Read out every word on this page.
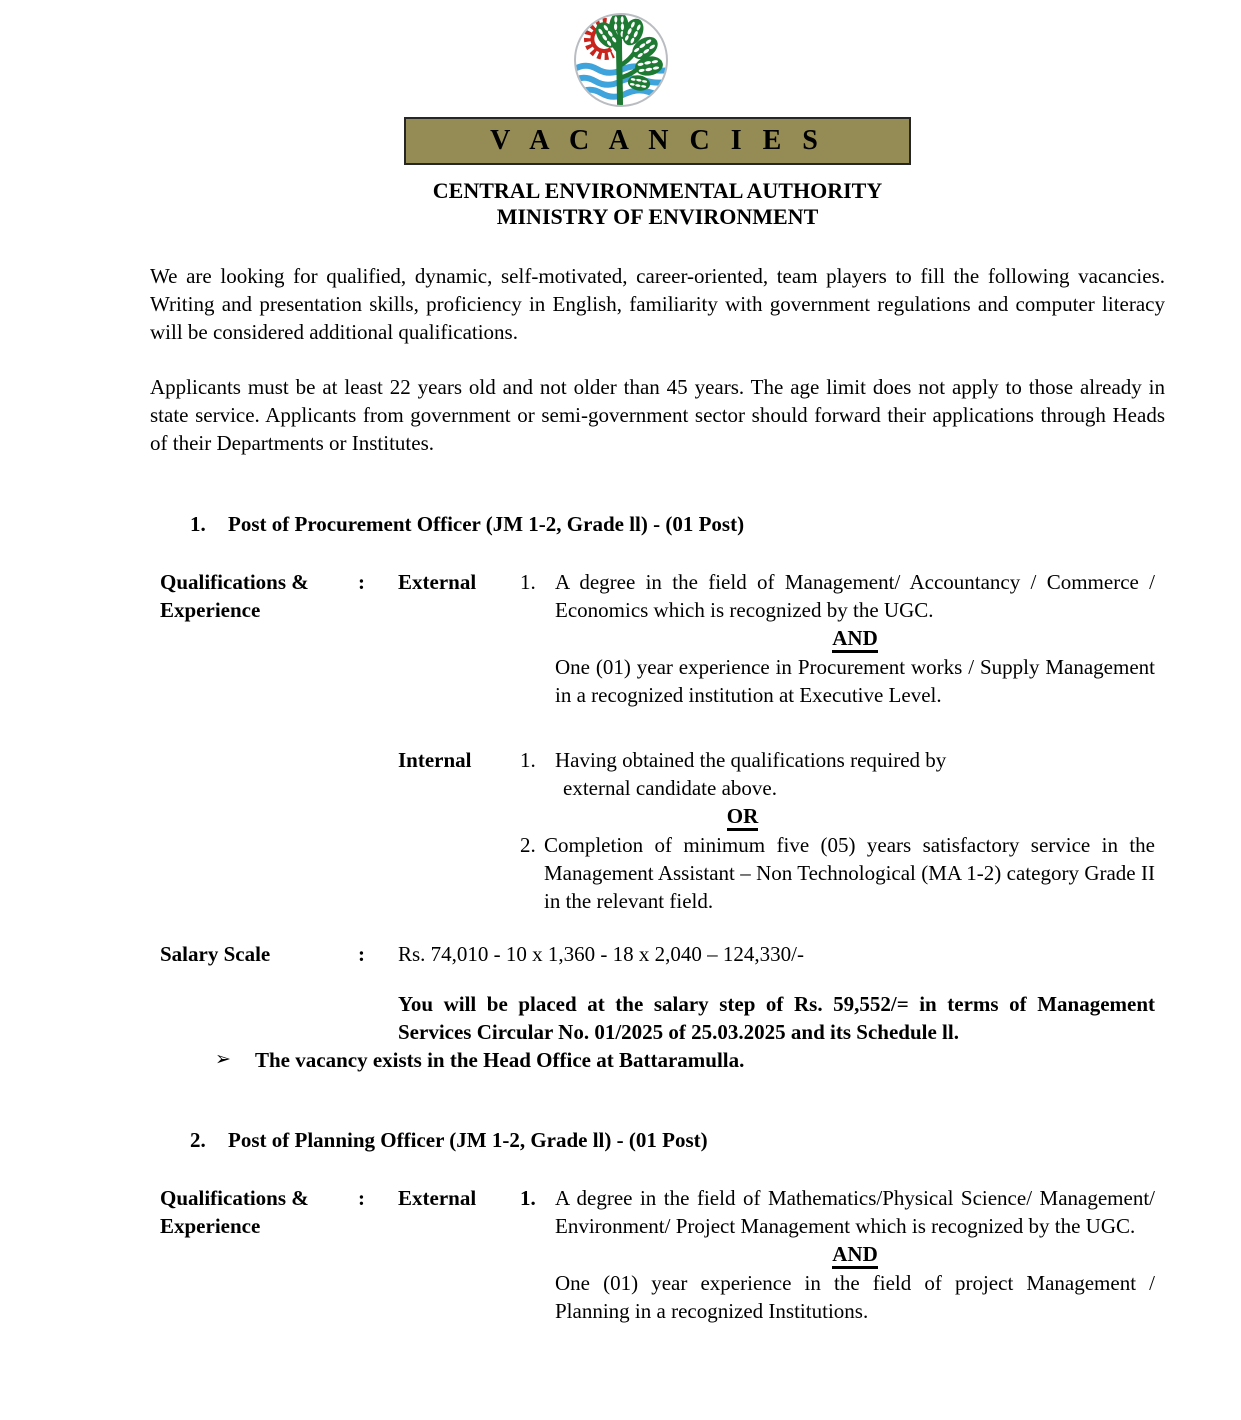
V A C A N C I E S
CENTRAL ENVIRONMENTAL AUTHORITY
MINISTRY OF ENVIRONMENT

We are looking for qualified, dynamic, self-motivated, career-oriented, team players to fill the following vacancies. Writing and presentation skills, proficiency in English, familiarity with government regulations and computer literacy will be considered additional qualifications.

Applicants must be at least 22 years old and not older than 45 years. The age limit does not apply to those already in state service. Applicants from government or semi-government sector should forward their applications through Heads of their Departments or Institutes.

1.	Post of Procurement Officer (JM 1-2, Grade ll) - (01 Post)
Qualifications &
Experience
:	External	1. A degree in the field of Management/ Accountancy / Commerce / Economics which is recognized by the UGC.
AND
One (01) year experience in Procurement works / Supply Management in a recognized institution at Executive Level.
Internal	1. Having obtained the qualifications required by
external candidate above.
OR
2. Completion of minimum five (05) years satisfactory service in the Management Assistant – Non Technological (MA 1-2) category Grade II in the relevant field.
Salary Scale	:	Rs. 74,010 - 10 x 1,360 - 18 x 2,040 – 124,330/-
You will be placed at the salary step of Rs. 59,552/= in terms of Management Services Circular No. 01/2025 of 25.03.2025 and its Schedule ll.
➢	The vacancy exists in the Head Office at Battaramulla.
2.	Post of Planning Officer (JM 1-2, Grade ll) - (01 Post)
Qualifications &
Experience
:	External	1. A degree in the field of Mathematics/Physical Science/ Management/ Environment/ Project Management which is recognized by the UGC.
AND
One (01) year experience in the field of project Management / Planning in a recognized Institutions.
